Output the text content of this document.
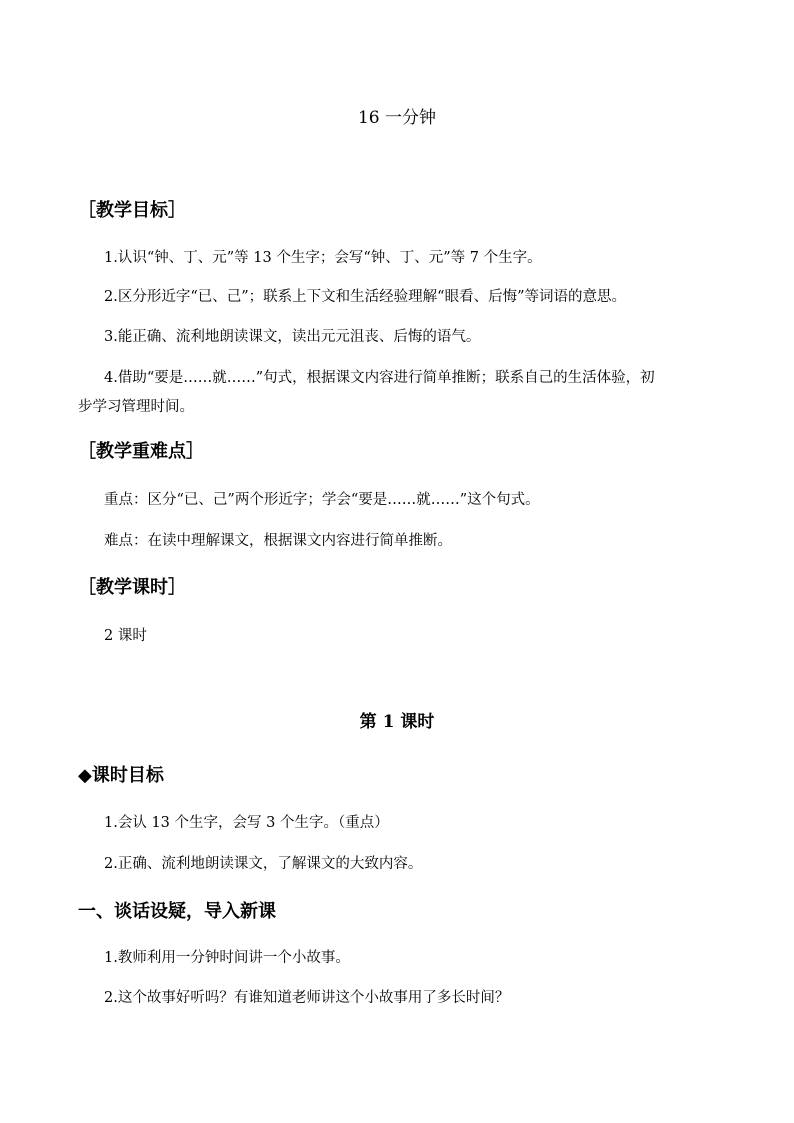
16 一分钟
［教学目标］
1.认识“钟、丁、元”等 13 个生字；会写“钟、丁、元”等 7 个生字。
2.区分形近字“已、己”；联系上下文和生活经验理解“眼看、后悔”等词语的意思。
3.能正确、流利地朗读课文，读出元元沮丧、后悔的语气。
4.借助“要是……就……”句式，根据课文内容进行简单推断；联系自己的生活体验，初
步学习管理时间。
［教学重难点］
重点：区分“已、己”两个形近字；学会“要是……就……”这个句式。
难点：在读中理解课文，根据课文内容进行简单推断。
［教学课时］
2 课时
第 1 课时
◆课时目标
1.会认 13 个生字，会写 3 个生字。（重点）
2.正确、流利地朗读课文，了解课文的大致内容。
一、谈话设疑，导入新课
1.教师利用一分钟时间讲一个小故事。
2.这个故事好听吗？有谁知道老师讲这个小故事用了多长时间？
